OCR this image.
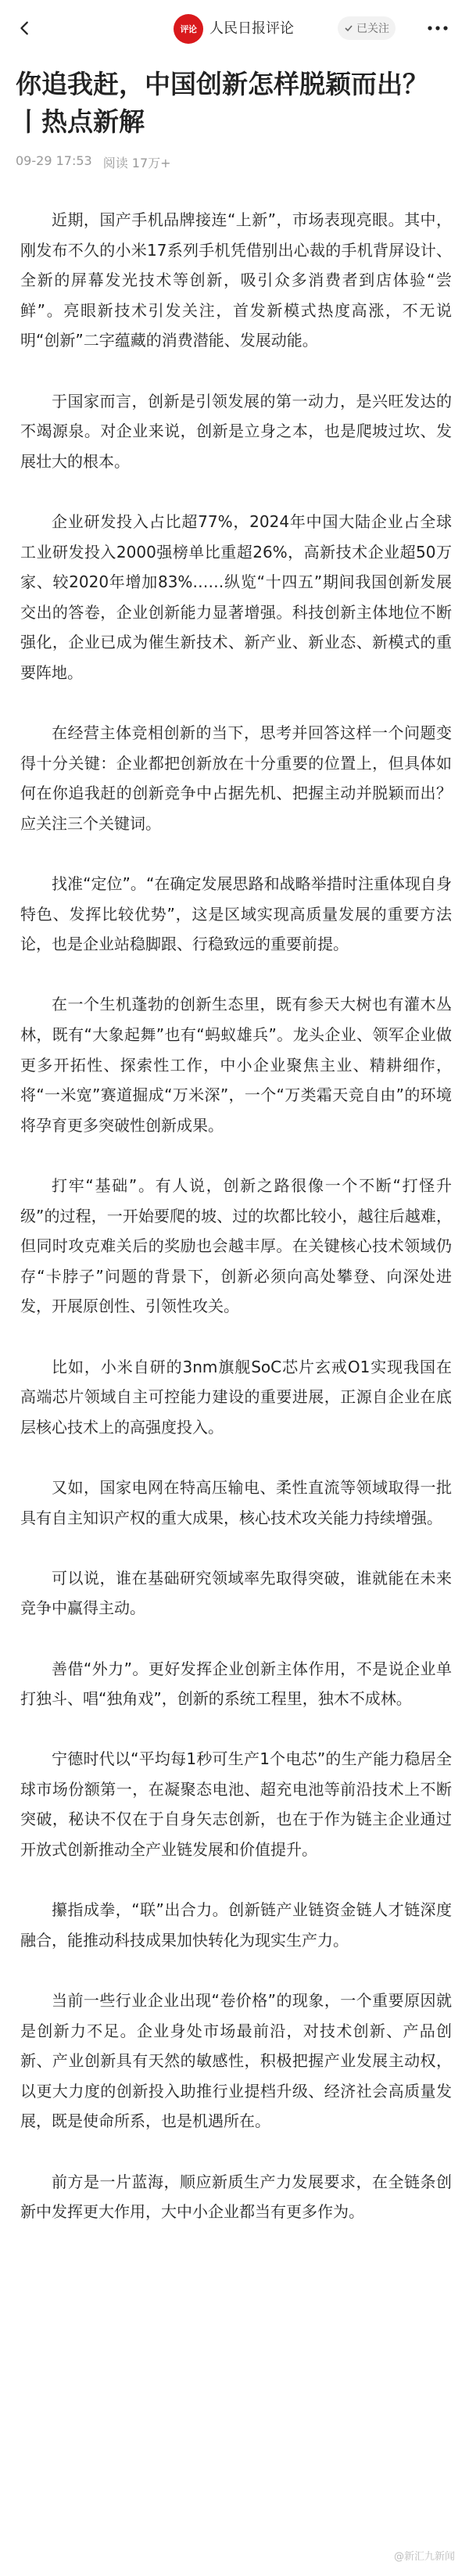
评论 人民日报评论	已关注
你追我赶，中国创新怎样脱颖而出？丨热点新解
09-29 17:53 阅读 17万+

近期，国产手机品牌接连“上新”，市场表现亮眼。其中，刚发布不久的小米17系列手机凭借别出心裁的手机背屏设计、全新的屏幕发光技术等创新，吸引众多消费者到店体验“尝鲜”。亮眼新技术引发关注，首发新模式热度高涨，不无说明“创新”二字蕴藏的消费潜能、发展动能。

于国家而言，创新是引领发展的第一动力，是兴旺发达的不竭源泉。对企业来说，创新是立身之本，也是爬坡过坎、发展壮大的根本。

企业研发投入占比超77%，2024年中国大陆企业占全球工业研发投入2000强榜单比重超26%，高新技术企业超50万家、较2020年增加83%……纵览“十四五”期间我国创新发展交出的答卷，企业创新能力显著增强。科技创新主体地位不断强化，企业已成为催生新技术、新产业、新业态、新模式的重要阵地。

在经营主体竞相创新的当下，思考并回答这样一个问题变得十分关键：企业都把创新放在十分重要的位置上，但具体如何在你追我赶的创新竞争中占据先机、把握主动并脱颖而出？应关注三个关键词。

找准“定位”。“在确定发展思路和战略举措时注重体现自身特色、发挥比较优势”，这是区域实现高质量发展的重要方法论，也是企业站稳脚跟、行稳致远的重要前提。

在一个生机蓬勃的创新生态里，既有参天大树也有灌木丛林，既有“大象起舞”也有“蚂蚁雄兵”。龙头企业、领军企业做更多开拓性、探索性工作，中小企业聚焦主业、精耕细作，将“一米宽”赛道掘成“万米深”，一个“万类霜天竞自由”的环境将孕育更多突破性创新成果。

打牢“基础”。有人说，创新之路很像一个不断“打怪升级”的过程，一开始要爬的坡、过的坎都比较小，越往后越难，但同时攻克难关后的奖励也会越丰厚。在关键核心技术领域仍存“卡脖子”问题的背景下，创新必须向高处攀登、向深处进发，开展原创性、引领性攻关。

比如，小米自研的3nm旗舰SoC芯片玄戒O1实现我国在高端芯片领域自主可控能力建设的重要进展，正源自企业在底层核心技术上的高强度投入。

又如，国家电网在特高压输电、柔性直流等领域取得一批具有自主知识产权的重大成果，核心技术攻关能力持续增强。

可以说，谁在基础研究领域率先取得突破，谁就能在未来竞争中赢得主动。

善借“外力”。更好发挥企业创新主体作用，不是说企业单打独斗、唱“独角戏”，创新的系统工程里，独木不成林。

宁德时代以“平均每1秒可生产1个电芯”的生产能力稳居全球市场份额第一，在凝聚态电池、超充电池等前沿技术上不断突破，秘诀不仅在于自身矢志创新，也在于作为链主企业通过开放式创新推动全产业链发展和价值提升。

攥指成拳，“联”出合力。创新链产业链资金链人才链深度融合，能推动科技成果加快转化为现实生产力。

当前一些行业企业出现“卷价格”的现象，一个重要原因就是创新力不足。企业身处市场最前沿，对技术创新、产品创新、产业创新具有天然的敏感性，积极把握产业发展主动权，以更大力度的创新投入助推行业提档升级、经济社会高质量发展，既是使命所系，也是机遇所在。

前方是一片蓝海，顺应新质生产力发展要求，在全链条创新中发挥更大作用，大中小企业都当有更多作为。

@新汇九新闻
